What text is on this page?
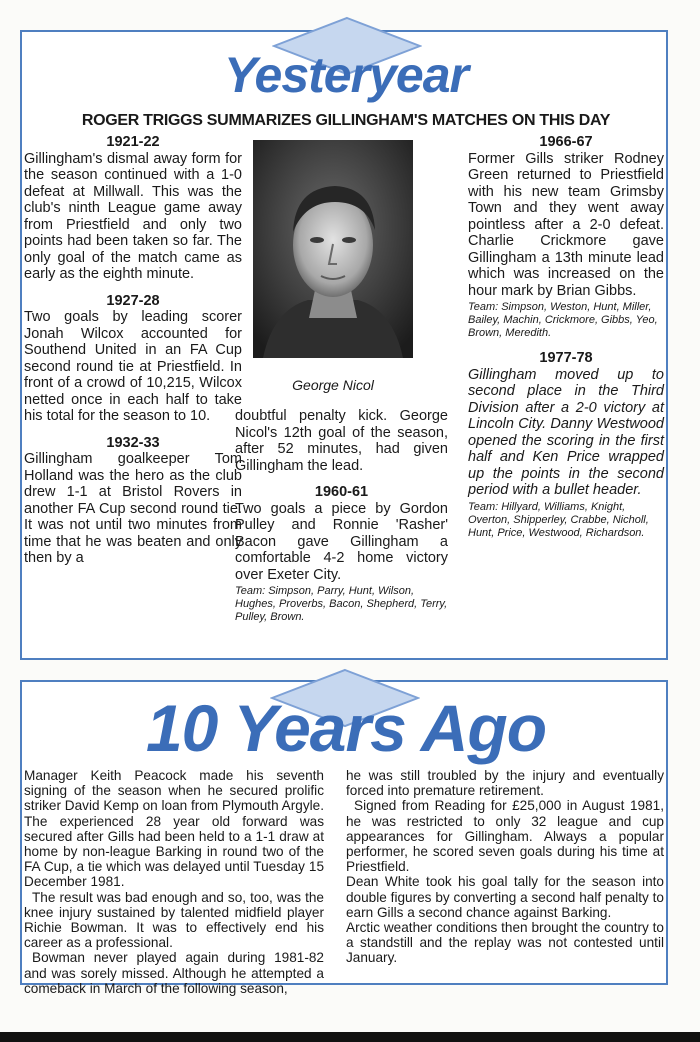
Yesteryear
ROGER TRIGGS SUMMARIZES GILLINGHAM'S MATCHES ON THIS DAY
1921-22

Gillingham's dismal away form for the season continued with a 1-0 defeat at Millwall. This was the club's ninth League game away from Priestfield and only two points had been taken so far. The only goal of the match came as early as the eighth minute.

1927-28

Two goals by leading scorer Jonah Wilcox accounted for Southend United in an FA Cup second round tie at Priestfield. In front of a crowd of 10,215, Wilcox netted once in each half to take his total for the season to 10.

1932-33

Gillingham goalkeeper Tom Holland was the hero as the club drew 1-1 at Bristol Rovers in another FA Cup second round tie. It was not until two minutes from time that he was beaten and only then by a

George Nicol

doubtful penalty kick. George Nicol's 12th goal of the season, after 52 minutes, had given Gillingham the lead.

1960-61

Two goals a piece by Gordon Pulley and Ronnie 'Rasher' Bacon gave Gillingham a comfortable 4-2 home victory over Exeter City.

Team: Simpson, Parry, Hunt, Wilson, Hughes, Proverbs, Bacon, Shepherd, Terry, Pulley, Brown.

1966-67

Former Gills striker Rodney Green returned to Priestfield with his new team Grimsby Town and they went away pointless after a 2-0 defeat. Charlie Crickmore gave Gillingham a 13th minute lead which was increased on the hour mark by Brian Gibbs.

Team: Simpson, Weston, Hunt, Miller, Bailey, Machin, Crickmore, Gibbs, Yeo, Brown, Meredith.

1977-78

Gillingham moved up to second place in the Third Division after a 2-0 victory at Lincoln City. Danny Westwood opened the scoring in the first half and Ken Price wrapped up the points in the second period with a bullet header.

Team: Hillyard, Williams, Knight, Overton, Shipperley, Crabbe, Nicholl, Hunt, Price, Westwood, Richardson.

10 Years Ago

Manager Keith Peacock made his seventh signing of the season when he secured prolific striker David Kemp on loan from Plymouth Argyle. The experienced 28 year old forward was secured after Gills had been held to a 1-1 draw at home by non-league Barking in round two of the FA Cup, a tie which was delayed until Tuesday 15 December 1981.

The result was bad enough and so, too, was the knee injury sustained by talented midfield player Richie Bowman. It was to effectively end his career as a professional.

Bowman never played again during 1981-82 and was sorely missed. Although he attempted a comeback in March of the following season,

he was still troubled by the injury and eventually forced into premature retirement.

Signed from Reading for £25,000 in August 1981, he was restricted to only 32 league and cup appearances for Gillingham. Always a popular performer, he scored seven goals during his time at Priestfield.

Dean White took his goal tally for the season into double figures by converting a second half penalty to earn Gills a second chance against Barking.

Arctic weather conditions then brought the country to a standstill and the replay was not contested until January.
